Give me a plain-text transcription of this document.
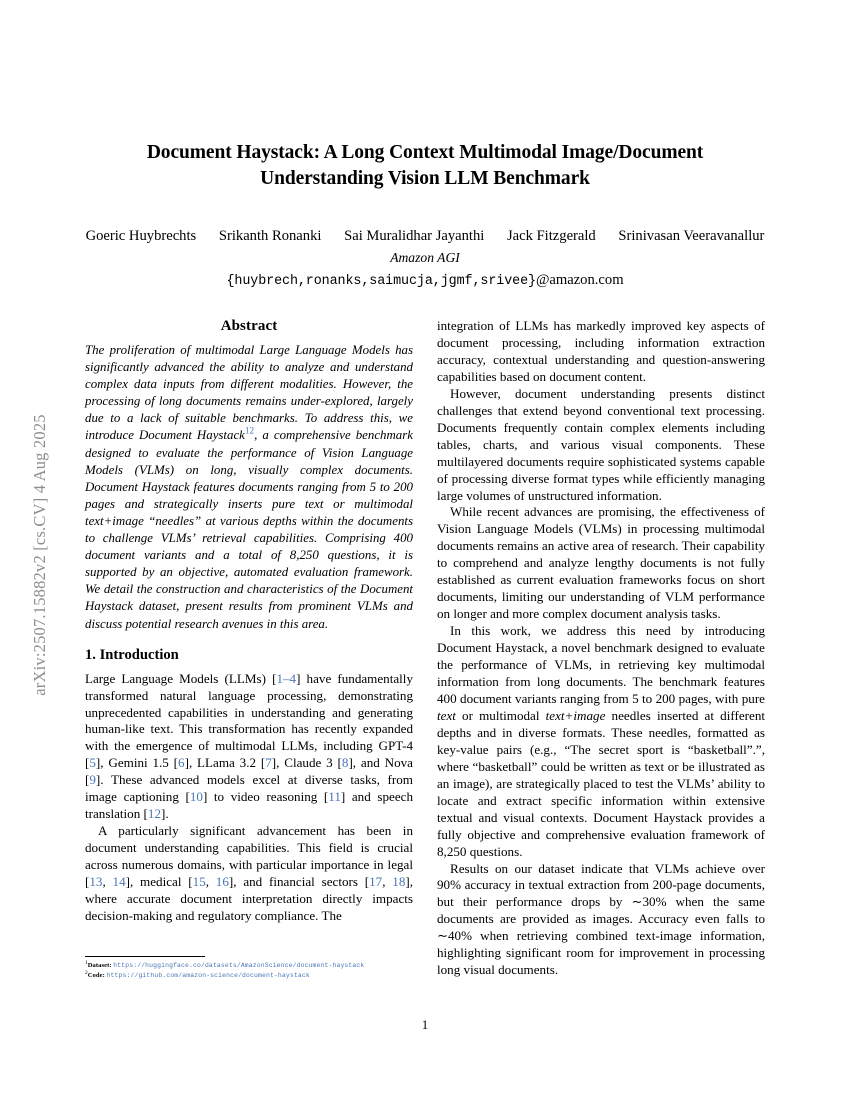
arXiv:2507.15882v2 [cs.CV] 4 Aug 2025
Document Haystack: A Long Context Multimodal Image/Document Understanding Vision LLM Benchmark
Goeric Huybrechts Srikanth Ronanki Sai Muralidhar Jayanthi Jack Fitzgerald Srinivasan Veeravanallur
Amazon AGI
{huybrech,ronanks,saimucja,jgmf,srivee}@amazon.com
Abstract

The proliferation of multimodal Large Language Models has significantly advanced the ability to analyze and understand complex data inputs from different modalities. However, the processing of long documents remains under-explored, largely due to a lack of suitable benchmarks. To address this, we introduce Document Haystack$^{12}$, a comprehensive benchmark designed to evaluate the performance of Vision Language Models (VLMs) on long, visually complex documents. Document Haystack features documents ranging from 5 to 200 pages and strategically inserts pure text or multimodal text+image “needles” at various depths within the documents to challenge VLMs’ retrieval capabilities. Comprising 400 document variants and a total of 8,250 questions, it is supported by an objective, automated evaluation framework. We detail the construction and characteristics of the Document Haystack dataset, present results from prominent VLMs and discuss potential research avenues in this area.

1. Introduction

Large Language Models (LLMs) [1–4] have fundamentally transformed natural language processing, demonstrating unprecedented capabilities in understanding and generating human-like text. This transformation has recently expanded with the emergence of multimodal LLMs, including GPT-4 [5], Gemini 1.5 [6], LLama 3.2 [7], Claude 3 [8], and Nova [9]. These advanced models excel at diverse tasks, from image captioning [10] to video reasoning [11] and speech translation [12].

A particularly significant advancement has been in document understanding capabilities. This field is crucial across numerous domains, with particular importance in legal [13, 14], medical [15, 16], and financial sectors [17, 18], where accurate document interpretation directly impacts decision-making and regulatory compliance. The

integration of LLMs has markedly improved key aspects of document processing, including information extraction accuracy, contextual understanding and question-answering capabilities based on document content.

However, document understanding presents distinct challenges that extend beyond conventional text processing. Documents frequently contain complex elements including tables, charts, and various visual components. These multilayered documents require sophisticated systems capable of processing diverse format types while efficiently managing large volumes of unstructured information.

While recent advances are promising, the effectiveness of Vision Language Models (VLMs) in processing multimodal documents remains an active area of research. Their capability to comprehend and analyze lengthy documents is not fully established as current evaluation frameworks focus on short documents, limiting our understanding of VLM performance on longer and more complex document analysis tasks.

In this work, we address this need by introducing Document Haystack, a novel benchmark designed to evaluate the performance of VLMs, in retrieving key multimodal information from long documents. The benchmark features 400 document variants ranging from 5 to 200 pages, with pure text or multimodal text+image needles inserted at different depths and in diverse formats. These needles, formatted as key-value pairs (e.g., “The secret sport is “basketball”.”, where “basketball” could be written as text or be illustrated as an image), are strategically placed to test the VLMs’ ability to locate and extract specific information within extensive textual and visual contexts. Document Haystack provides a fully objective and comprehensive evaluation framework of 8,250 questions.

Results on our dataset indicate that VLMs achieve over 90% accuracy in textual extraction from 200-page documents, but their performance drops by ∼30% when the same documents are provided as images. Accuracy even falls to ∼40% when retrieving combined text-image information, highlighting significant room for improvement in processing long visual documents.

$^1$Dataset: https://huggingface.co/datasets/AmazonScience/document-haystack

$^2$Code: https://github.com/amazon-science/document-haystack

1
